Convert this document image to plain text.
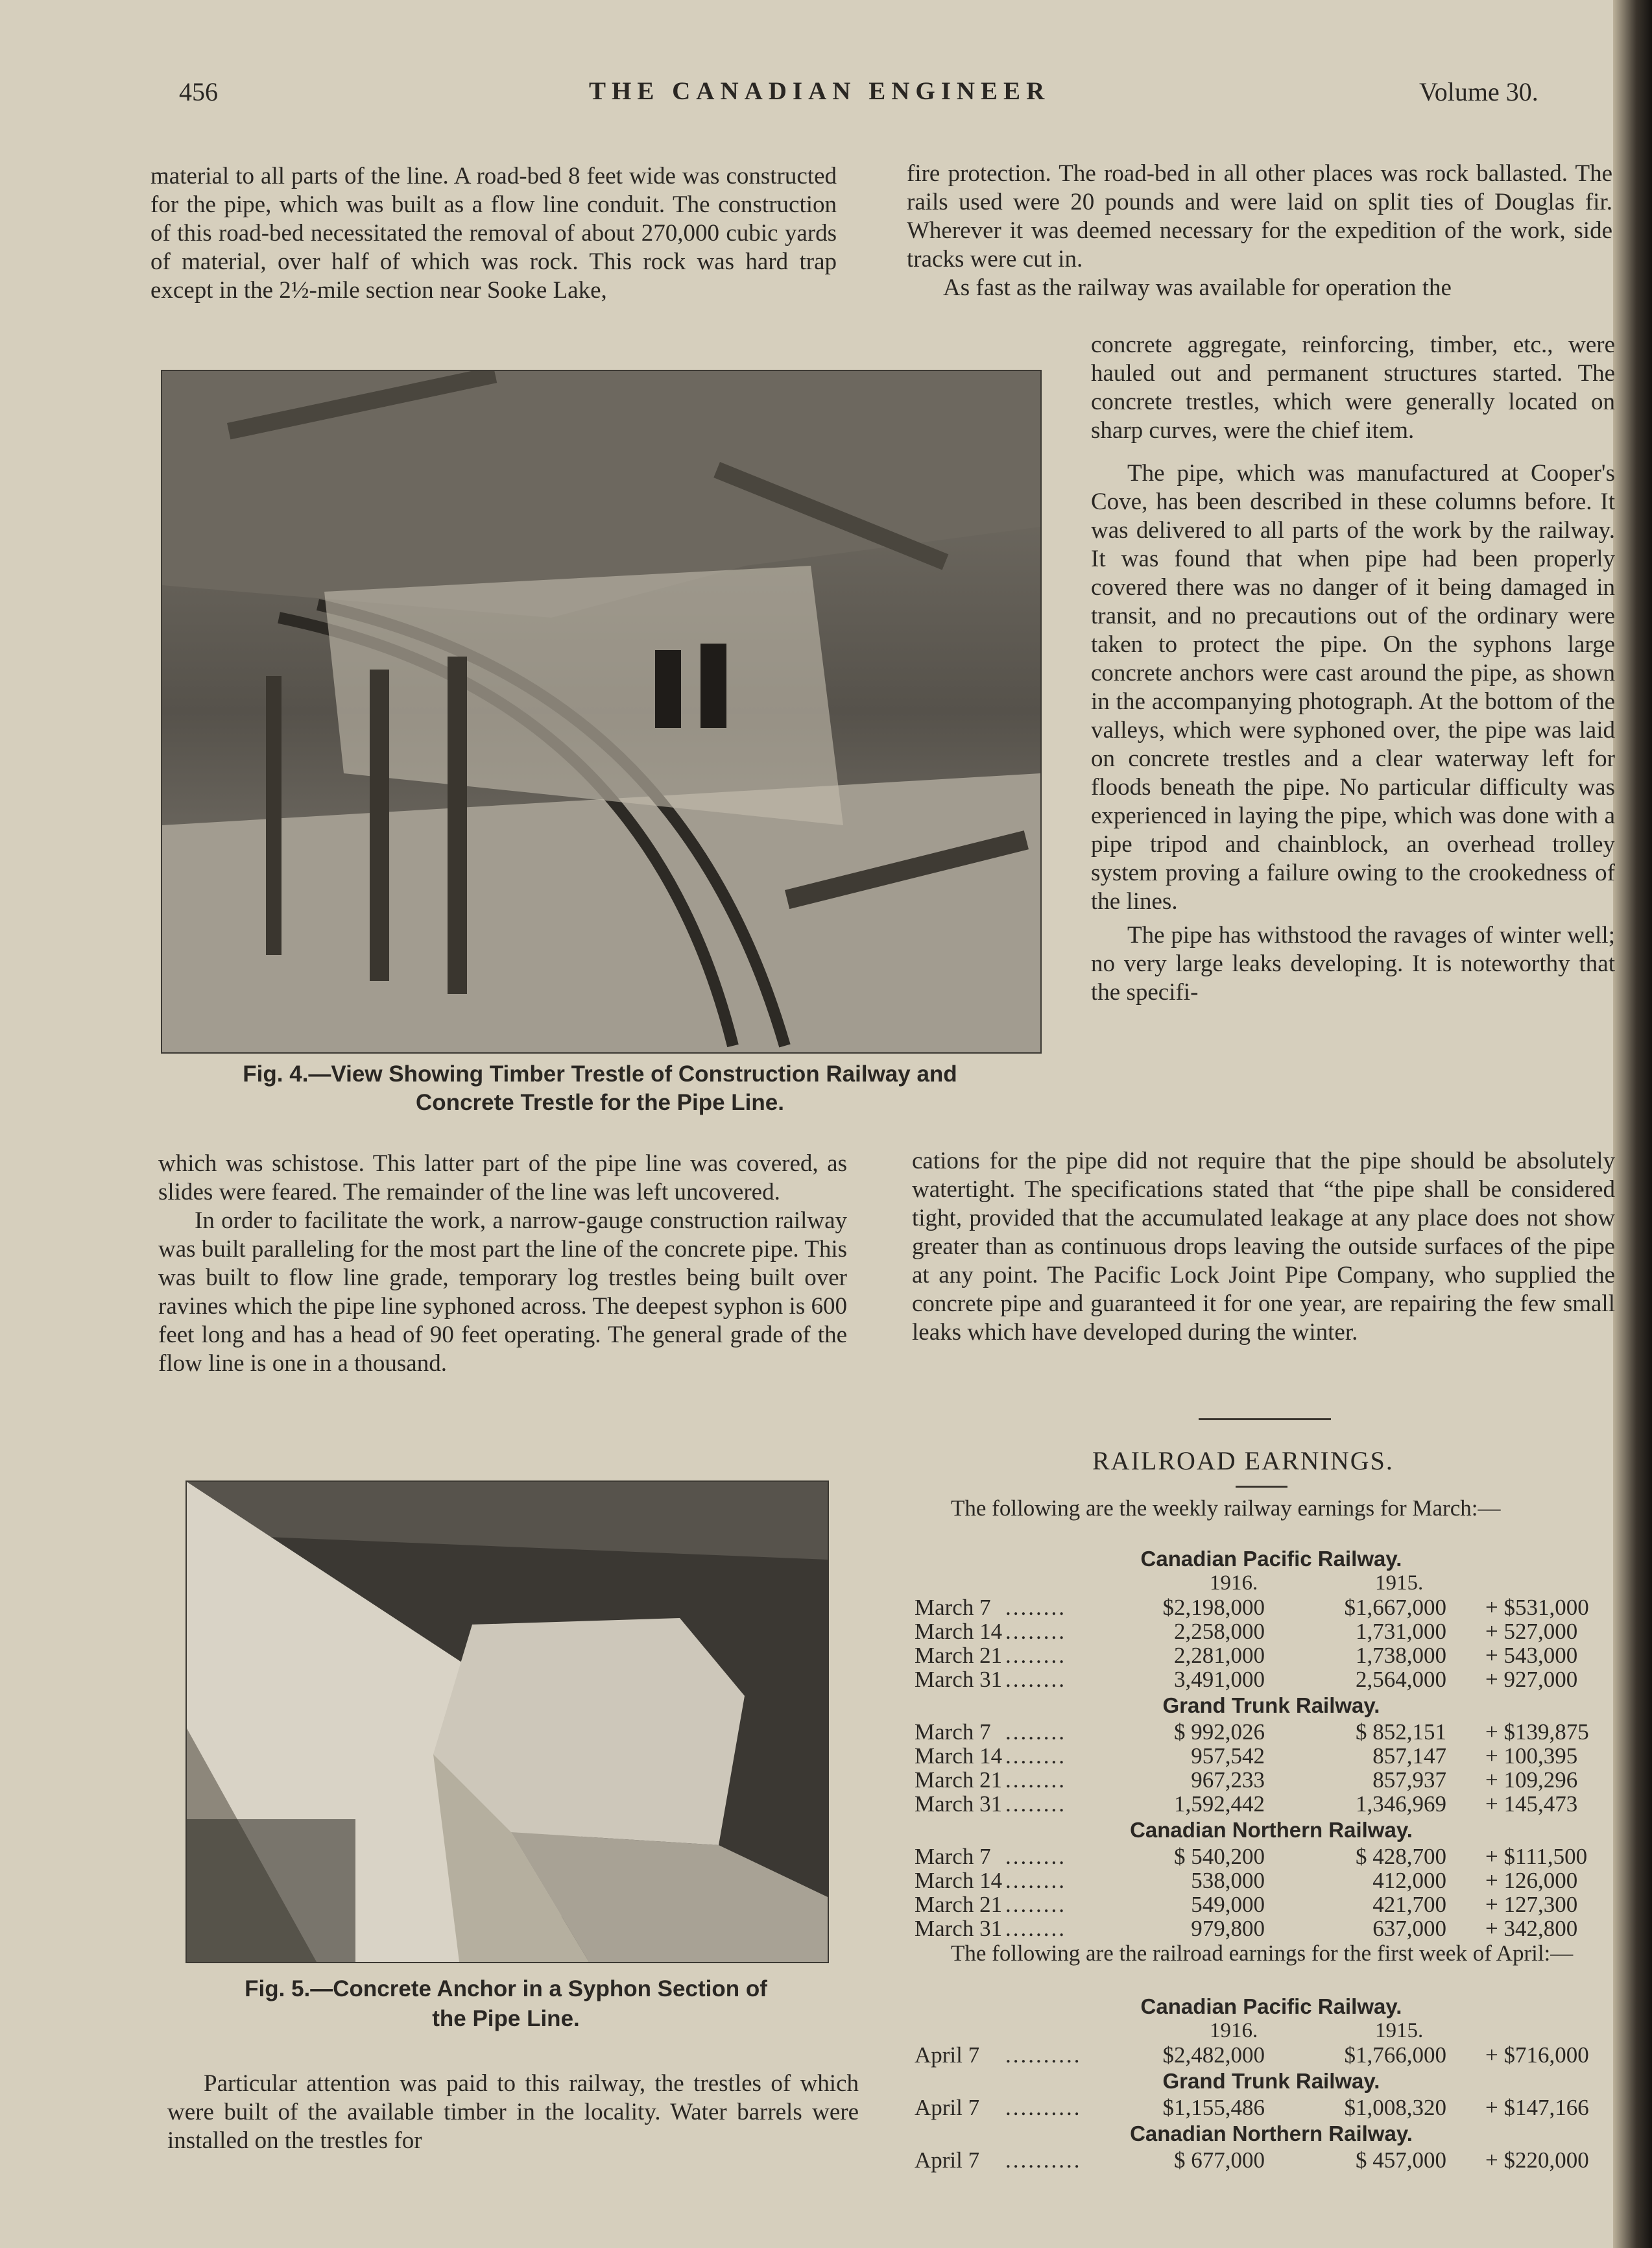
456	THE CANADIAN ENGINEER	Volume 30.

material to all parts of the line. A road-bed 8 feet wide was constructed for the pipe, which was built as a flow line conduit. The construction of this road-bed necessitated the removal of about 270,000 cubic yards of material, over half of which was rock. This rock was hard trap except in the 2½-mile section near Sooke Lake,

Fig. 4.—View Showing Timber Trestle of Construction Railway and
Concrete Trestle for the Pipe Line.

which was schistose. This latter part of the pipe line was covered, as slides were feared. The remainder of the line was left uncovered.

In order to facilitate the work, a narrow-gauge construction railway was built paralleling for the most part the line of the concrete pipe. This was built to flow line grade, temporary log trestles being built over ravines which the pipe line syphoned across. The deepest syphon is 600 feet long and has a head of 90 feet operating. The general grade of the flow line is one in a thousand.

Fig. 5.—Concrete Anchor in a Syphon Section of
the Pipe Line.

Particular attention was paid to this railway, the trestles of which were built of the available timber in the locality. Water barrels were installed on the trestles for

fire protection. The road-bed in all other places was rock ballasted. The rails used were 20 pounds and were laid on split ties of Douglas fir. Wherever it was deemed necessary for the expedition of the work, side tracks were cut in.

As fast as the railway was available for operation the

concrete aggregate, reinforcing, timber, etc., were hauled out and permanent structures started. The concrete trestles, which were generally located on sharp curves, were the chief item.

The pipe, which was manufactured at Cooper's Cove, has been described in these columns before. It was delivered to all parts of the work by the railway. It was found that when pipe had been properly covered there was no danger of it being damaged in transit, and no precautions out of the ordinary were taken to protect the pipe. On the syphons large concrete anchors were cast around the pipe, as shown in the accompanying photograph. At the bottom of the valleys, which were syphoned over, the pipe was laid on concrete trestles and a clear waterway left for floods beneath the pipe. No particular difficulty was experienced in laying the pipe, which was done with a pipe tripod and chainblock, an overhead trolley system proving a failure owing to the crookedness of the lines.

The pipe has withstood the ravages of winter well; no very large leaks developing. It is noteworthy that the specifi-

cations for the pipe did not require that the pipe should be absolutely watertight. The specifications stated that “the pipe shall be considered tight, provided that the accumulated leakage at any place does not show greater than as continuous drops leaving the outside surfaces of the pipe at any point. The Pacific Lock Joint Pipe Company, who supplied the concrete pipe and guaranteed it for one year, are repairing the few small leaks which have developed during the winter.

RAILROAD EARNINGS.

The following are the weekly railway earnings for March:—

Canadian Pacific Railway.
1916.	1915.
March 7 ........	$2,198,000	$1,667,000 + $531,000
March 14 ........	2,258,000	1,731,000 + 527,000
March 21 ........	2,281,000	1,738,000 + 543,000
March 31 ........	3,491,000	2,564,000 + 927,000
Grand Trunk Railway.
March 7 ........	$ 992,026	$ 852,151 + $139,875
March 14 ........	957,542	857,147 + 100,395
March 21 ........	967,233	857,937 + 109,296
March 31 ........	1,592,442	1,346,969 + 145,473
Canadian Northern Railway.
March 7 ........	$ 540,200	$ 428,700 + $111,500
March 14 ........	538,000	412,000 + 126,000
March 21 ........	549,000	421,700 + 127,300
March 31 ........	979,800	637,000 + 342,800

The following are the railroad earnings for the first week of April:—

Canadian Pacific Railway.
1916.	1915.
April 7 ..........	$2,482,000	$1,766,000 + $716,000
Grand Trunk Railway.
April 7 ..........	$1,155,486	$1,008,320 + $147,166
Canadian Northern Railway.
April 7 ..........	$ 677,000	$ 457,000 + $220,000
